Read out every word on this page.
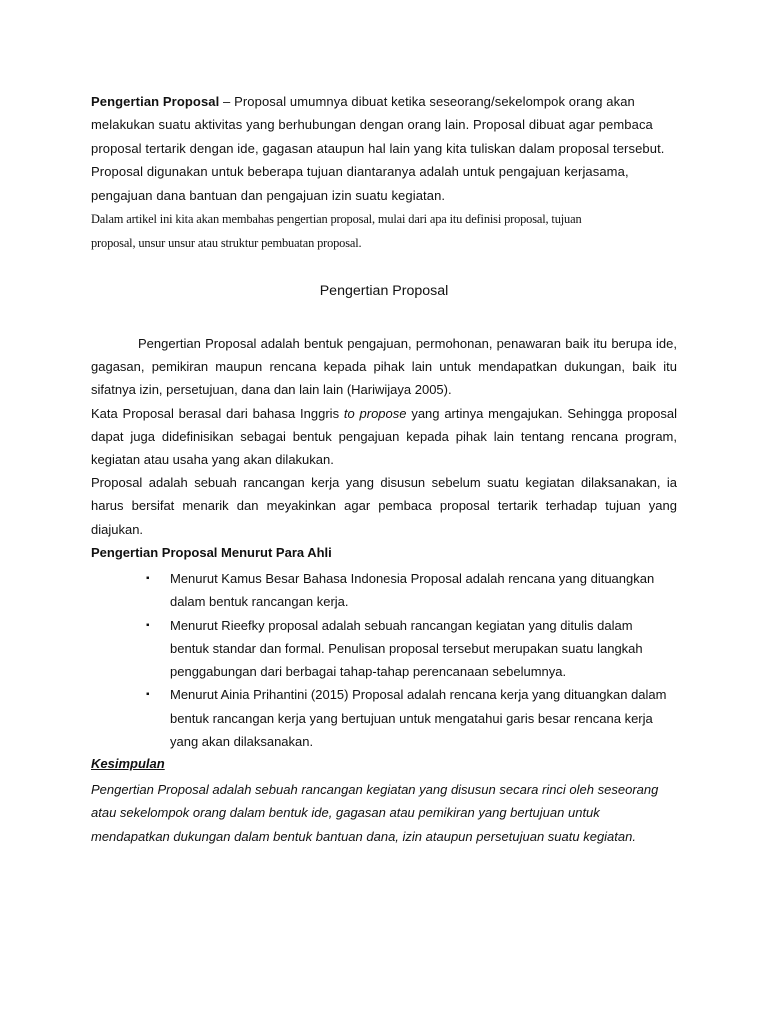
Pengertian Proposal – Proposal umumnya dibuat ketika seseorang/sekelompok orang akan
melakukan suatu aktivitas yang berhubungan dengan orang lain. Proposal dibuat agar pembaca
proposal tertarik dengan ide, gagasan ataupun hal lain yang kita tuliskan dalam proposal tersebut.
Proposal digunakan untuk beberapa tujuan diantaranya adalah untuk pengajuan kerjasama,
pengajuan dana bantuan dan pengajuan izin suatu kegiatan.
Dalam artikel ini kita akan membahas pengertian proposal, mulai dari apa itu definisi proposal, tujuan
proposal, unsur unsur atau struktur pembuatan proposal.
Pengertian Proposal

Pengertian Proposal adalah bentuk pengajuan, permohonan, penawaran baik itu berupa ide, gagasan, pemikiran maupun rencana kepada pihak lain untuk mendapatkan dukungan, baik itu sifatnya izin, persetujuan, dana dan lain lain (Hariwijaya 2005).

Kata Proposal berasal dari bahasa Inggris to propose yang artinya mengajukan. Sehingga proposal dapat juga didefinisikan sebagai bentuk pengajuan kepada pihak lain tentang rencana program, kegiatan atau usaha yang akan dilakukan.

Proposal adalah sebuah rancangan kerja yang disusun sebelum suatu kegiatan dilaksanakan, ia harus bersifat menarik dan meyakinkan agar pembaca proposal tertarik terhadap tujuan yang diajukan.

Pengertian Proposal Menurut Para Ahli
▪ Menurut Kamus Besar Bahasa Indonesia Proposal adalah rencana yang dituangkan
dalam bentuk rancangan kerja.
▪ Menurut Rieefky proposal adalah sebuah rancangan kegiatan yang ditulis dalam
bentuk standar dan formal. Penulisan proposal tersebut merupakan suatu langkah
penggabungan dari berbagai tahap-tahap perencanaan sebelumnya.
▪ Menurut Ainia Prihantini (2015) Proposal adalah rencana kerja yang dituangkan dalam
bentuk rancangan kerja yang bertujuan untuk mengatahui garis besar rencana kerja
yang akan dilaksanakan.
Kesimpulan
Pengertian Proposal adalah sebuah rancangan kegiatan yang disusun secara rinci oleh seseorang
atau sekelompok orang dalam bentuk ide, gagasan atau pemikiran yang bertujuan untuk
mendapatkan dukungan dalam bentuk bantuan dana, izin ataupun persetujuan suatu kegiatan.
